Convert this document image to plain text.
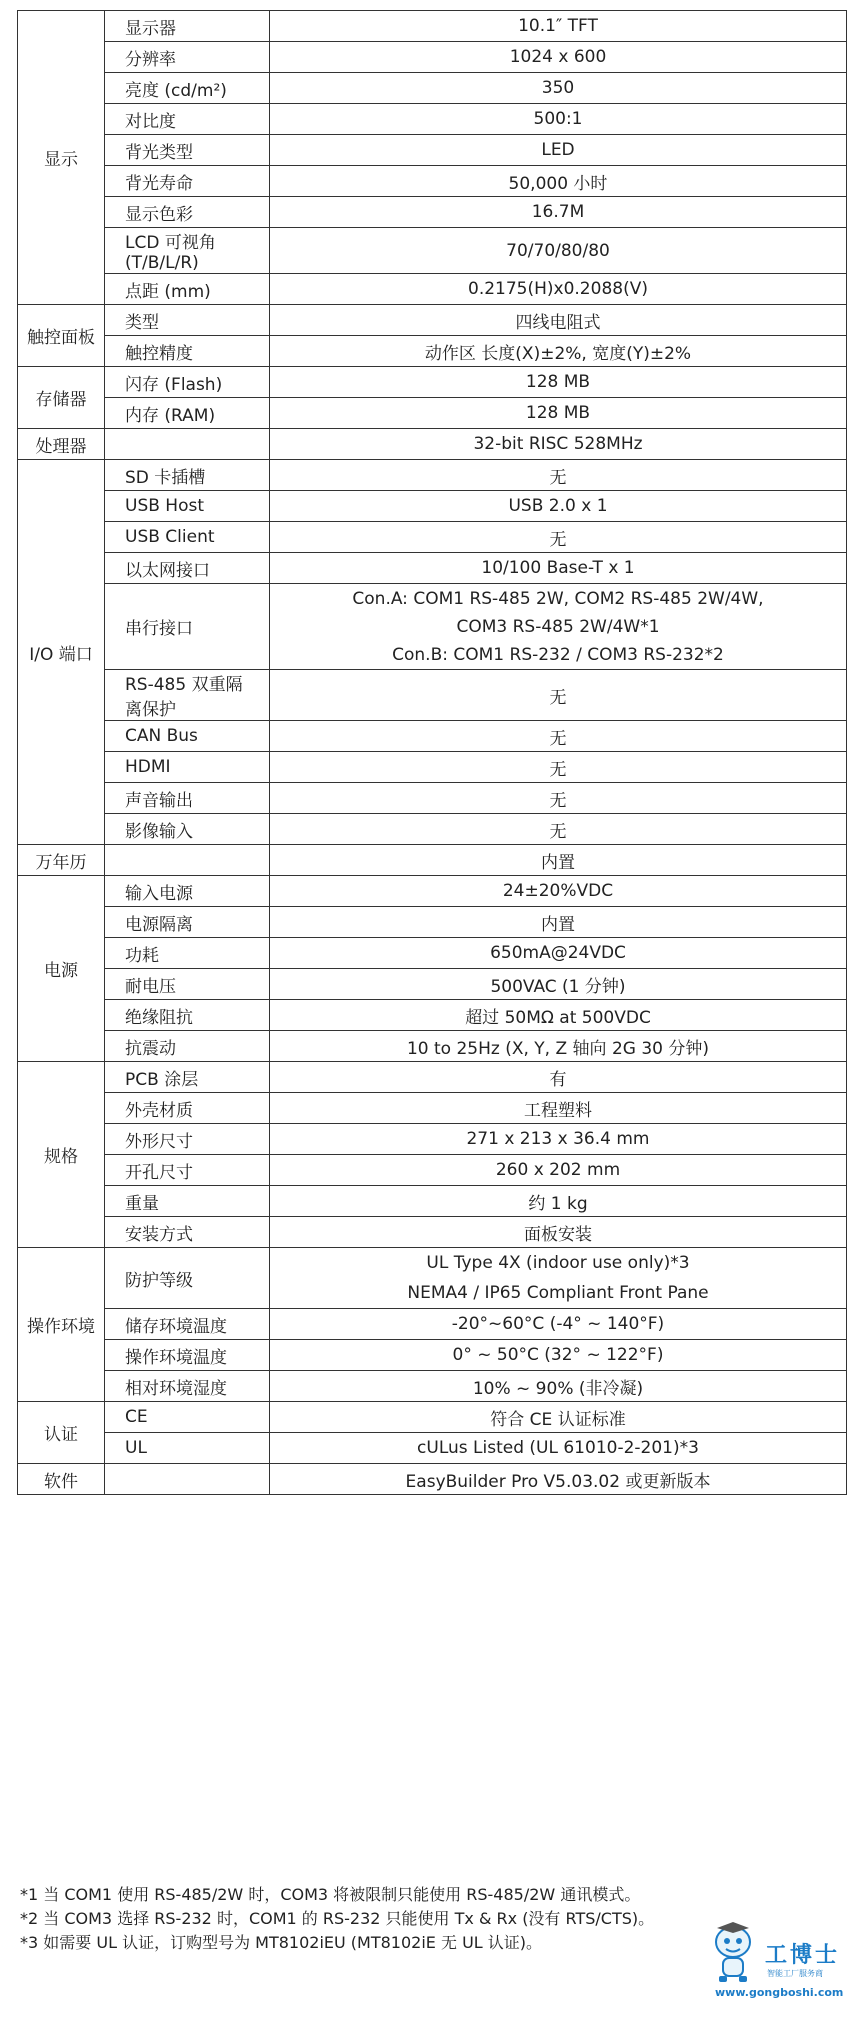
显示	显示器	10.1″ TFT

	分辨率	1024 x 600

	亮度 (cd/m²)	350

	对比度	500:1

	背光类型	LED

	背光寿命	50,000 小时

	显示色彩	16.7M

	LCD 可视角 (T/B/L/R)	70/70/80/80

	点距 (mm)	0.2175(H)x0.2088(V)

触控面板	类型	四线电阻式

	触控精度	动作区 长度(X)±2%, 宽度(Y)±2%

存储器	闪存 (Flash)	128 MB

	内存 (RAM)	128 MB

处理器		32-bit RISC 528MHz

I/O 端口	SD 卡插槽	无

	USB Host	USB 2.0 x 1

	USB Client	无

	以太网接口	10/100 Base-T x 1

	串行接口	Con.A: COM1 RS-485 2W, COM2 RS-485 2W/4W,
COM3 RS-485 2W/4W*1
Con.B: COM1 RS-232 / COM3 RS-232*2

	RS-485 双重隔离保护	无

	CAN Bus	无

	HDMI	无

	声音输出	无

	影像输入	无

万年历		内置

电源	输入电源	24±20%VDC

	电源隔离	内置

	功耗	650mA@24VDC

	耐电压	500VAC (1 分钟)

	绝缘阻抗	超过 50MΩ at 500VDC

	抗震动	10 to 25Hz (X, Y, Z 轴向 2G 30 分钟)

规格	PCB 涂层	有

	外壳材质	工程塑料

	外形尺寸	271 x 213 x 36.4 mm

	开孔尺寸	260 x 202 mm

	重量	约 1 kg

	安装方式	面板安装

操作环境	防护等级	UL Type 4X (indoor use only)*3
NEMA4 / IP65 Compliant Front Pane

	储存环境温度	-20°~60°C (-4° ~ 140°F)

	操作环境温度	0° ~ 50°C (32° ~ 122°F)

	相对环境湿度	10% ~ 90% (非冷凝)

认证	CE	符合 CE 认证标准

	UL	cULus Listed (UL 61010-2-201)*3

软件		EasyBuilder Pro V5.03.02 或更新版本
*1 当 COM1 使用 RS-485/2W 时，COM3 将被限制只能使用 RS-485/2W 通讯模式。
*2 当 COM3 选择 RS-232 时，COM1 的 RS-232 只能使用 Tx & Rx (没有 RTS/CTS)。
*3 如需要 UL 认证，订购型号为 MT8102iEU (MT8102iE 无 UL 认证)。	工博士
智能工厂服务商
www.gongboshi.com
